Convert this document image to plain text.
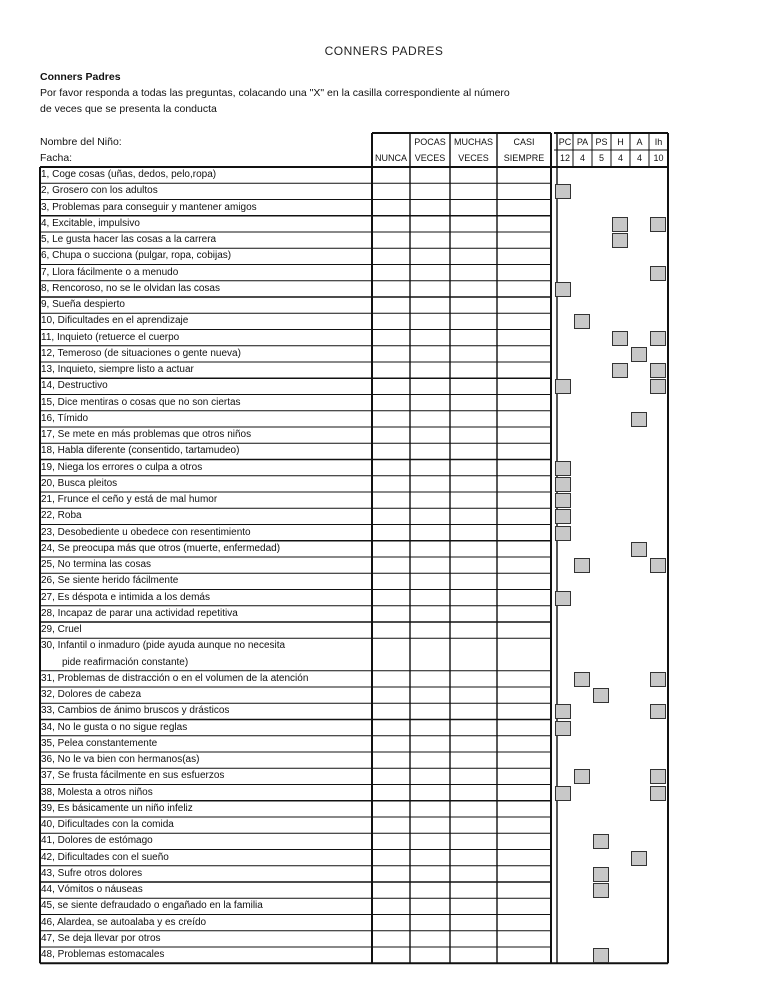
CONNERS PADRES
Conners Padres
Por favor responda a todas las preguntas, colacando una "X" en la casilla correspondiente al número
de veces que se presenta la conducta
Nombre del Niño:
Facha:	NUNCA
POCAS
VECES
MUCHAS
VECES
CASI
SIEMPRE
PC
12
PA
4
PS
5
H
4
A
4
Ih
10
1, Coge cosas (uñas, dedos, pelo,ropa)
2, Grosero con los adultos
3, Problemas para conseguir y mantener amigos
4, Excitable, impulsivo
5, Le gusta hacer las cosas a la carrera
6, Chupa o succiona (pulgar, ropa, cobijas)
7, Llora fácilmente o a menudo
8, Rencoroso, no se le olvidan las cosas
9, Sueña despierto
10, Dificultades en el aprendizaje
11, Inquieto (retuerce el cuerpo
12, Temeroso (de situaciones o gente nueva)
13, Inquieto, siempre listo a actuar
14, Destructivo
15, Dice mentiras o cosas que no son ciertas
16, Tímido
17, Se mete en más problemas que otros niños
18, Habla diferente (consentido, tartamudeo)
19, Niega los errores o culpa a otros
20, Busca pleitos
21, Frunce el ceño y está de mal humor
22, Roba
23, Desobediente u obedece con resentimiento
24, Se preocupa más que otros (muerte, enfermedad)
25, No termina las cosas
26, Se siente herido fácilmente
27, Es déspota e intimida a los demás
28, Incapaz de parar una actividad repetitiva
29, Cruel
30, Infantil o inmaduro (pide ayuda aunque no necesita
pide reafirmación constante)
31, Problemas de distracción o en el volumen de la atención
32, Dolores de cabeza
33, Cambios de ánimo bruscos y drásticos
34, No le gusta o no sigue reglas
35, Pelea constantemente
36, No le va bien con hermanos(as)
37, Se frusta fácilmente en sus esfuerzos
38, Molesta a otros niños
39, Es básicamente un niño infeliz
40, Dificultades con la comida
41, Dolores de estómago
42, Dificultades con el sueño
43, Sufre otros dolores
44, Vómitos o náuseas
45, se siente defraudado o engañado en la familia
46, Alardea, se autoalaba y es creído
47, Se deja llevar por otros
48, Problemas estomacales
